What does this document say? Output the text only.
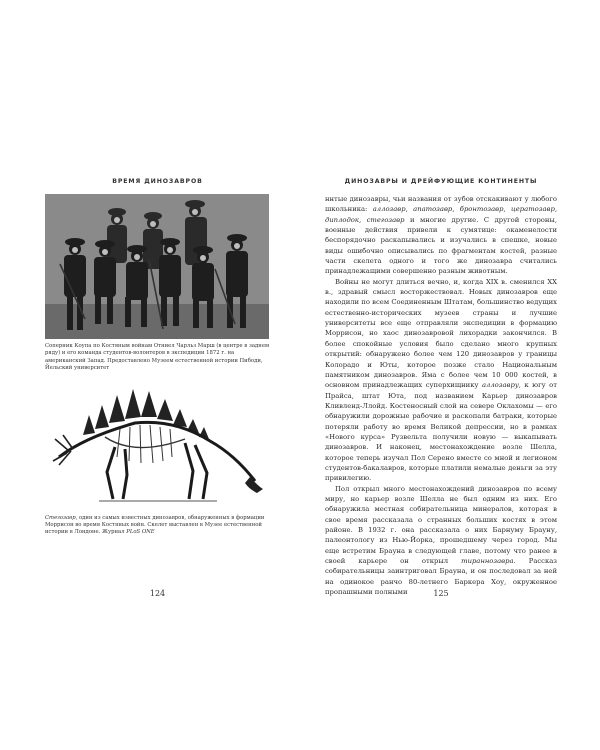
ВРЕМЯ ДИНОЗАВРОВ
Соперник Коупа по Костяным войнам Отниел Чарльз Марш (в центре в заднем ряду) и его команда студентов-волонтеров в экспедиции 1872 г. на американский Запад. Предоставлено Музеем естественной истории Пибоди, Йельский университет
Стегозавр, один из самых известных динозавров, обнаруженных в формации Моррисон во время Костяных войн. Скелет выставлен в Музее естественной истории в Лондоне. Журнал PLoS ONE
124
ДИНОЗАВРЫ И ДРЕЙФУЮЩИЕ КОНТИНЕНТЫ

ннтые динозавры, чьи названия от зубов отскакивают у любого школьника: аллозавр, апатозавр, бронтозавр, цератозавр, диплодок, стегозавр и многие другие. С другой стороны, военные действия привели к сумятице: окаменелости беспорядочно раскапывались и изучались в спешке, новые виды ошибочно описывались по фрагментам костей, разные части скелета одного и того же динозавра считались принадлежащими совершенно разным животным.

Войны не могут длиться вечно, и, когда XIX в. сменился XX в., здравый смысл восторжествовал. Новых динозавров еще находили по всем Соединенным Штатам, большинство ведущих естественно-исторических музеев страны и лучшие университеты все еще отправляли экспедиции в формацию Моррисон, но хаос динозавровой лихорадки закончился. В более спокойные условия было сделано много крупных открытий: обнаружено более чем 120 динозавров у границы Колорадо и Юты, которое позже стало Национальным памятником динозавров. Яма с более чем 10 000 костей, в основном принадлежащих суперхищнику аллозавру, к югу от Прайса, штат Юта, под названием Карьер динозавров Кливленд-Ллойд. Костеносный слой на севере Оклахомы — его обнаружили дорожные рабочие и раскопали батраки, которые потеряли работу во время Великой депрессии, но в рамках «Нового курса» Рузвельта получили новую — выкапывать динозавров. И наконец, местонахождение возле Шелла, которое теперь изучал Пол Серено вместе со мной и легионом студентов-бакалавров, которые платили немалые деньги за эту привилегию.

Пол открыл много местонахождений динозавров по всему миру, но карьер возле Шелла не был одним из них. Его обнаружила местная собирательница минералов, которая в свое время рассказала о странных больших костях в этом районе. В 1932 г. она рассказала о них Барнуму Брауну, палеонтологу из Нью-Йорка, прошедшему через город. Мы еще встретим Брауна в следующей главе, потому что ранее в своей карьере он открыл тираннозавра. Рассказ собирательницы заинтриговал Брауна, и он последовал за ней на одинокое ранчо 80-летнего Баркера Хоу, окруженное пропашными полными	125
